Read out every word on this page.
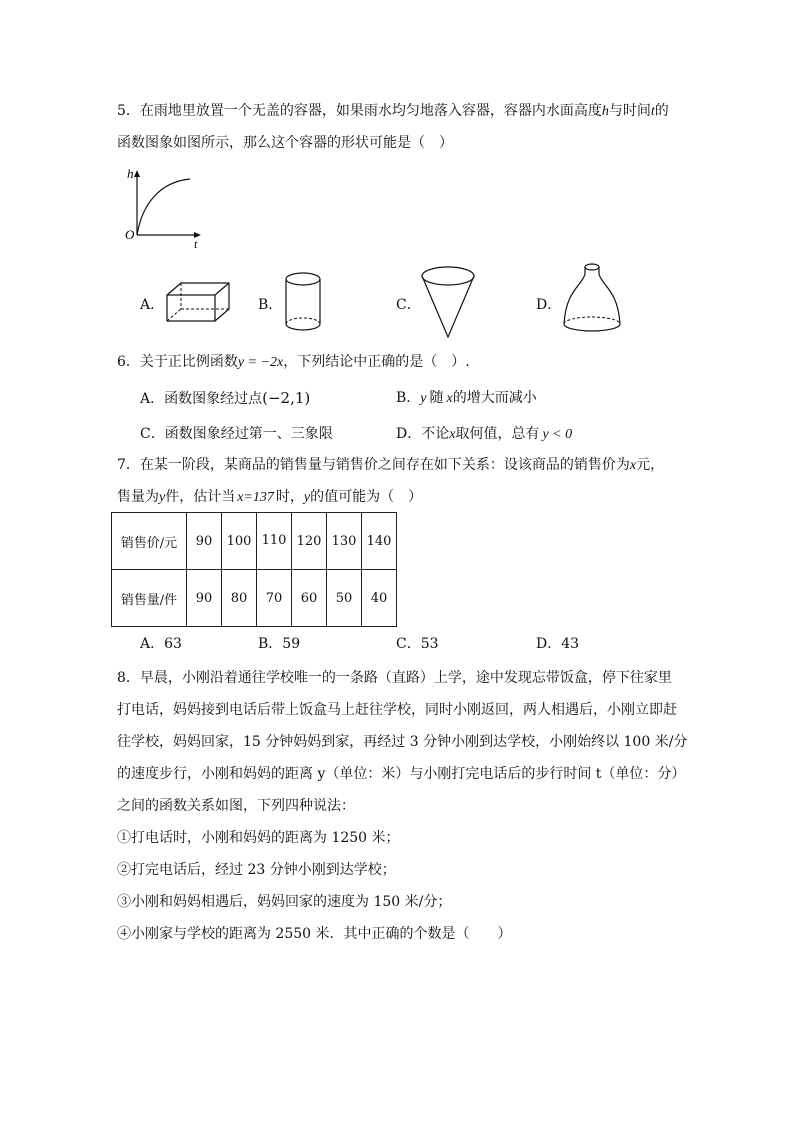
5．在雨地里放置一个无盖的容器，如果雨水均匀地落入容器，容器内水面高度h与时间t的
函数图象如图所示，那么这个容器的形状可能是（　）
h
O
t
A．	B．	C．	D．
6．关于正比例函数y = −2x，下列结论中正确的是（　）.
A．函数图象经过点(−2,1)	B．y 随 x的增大而减小
C．函数图象经过第一、三象限	D．不论x取何值，总有 y < 0
7．在某一阶段，某商品的销售量与销售价之间存在如下关系：设该商品的销售价为x元，
售量为y件，估计当 x=137 时，y的值可能为（　）
销售价/元	90	100	110	120	130	140
销售量/件	90	80	70	60	50	40
A．63	B．59	C．53	D．43
8．早晨，小刚沿着通往学校唯一的一条路（直路）上学，途中发现忘带饭盒，停下往家里
打电话，妈妈接到电话后带上饭盒马上赶往学校，同时小刚返回，两人相遇后，小刚立即赶
往学校，妈妈回家，15 分钟妈妈到家，再经过 3 分钟小刚到达学校，小刚始终以 100 米/分
的速度步行，小刚和妈妈的距离 y（单位：米）与小刚打完电话后的步行时间 t（单位：分）
之间的函数关系如图，下列四种说法：
①打电话时，小刚和妈妈的距离为 1250 米；
②打完电话后，经过 23 分钟小刚到达学校；
③小刚和妈妈相遇后，妈妈回家的速度为 150 米/分；
④小刚家与学校的距离为 2550 米．其中正确的个数是（　　）
